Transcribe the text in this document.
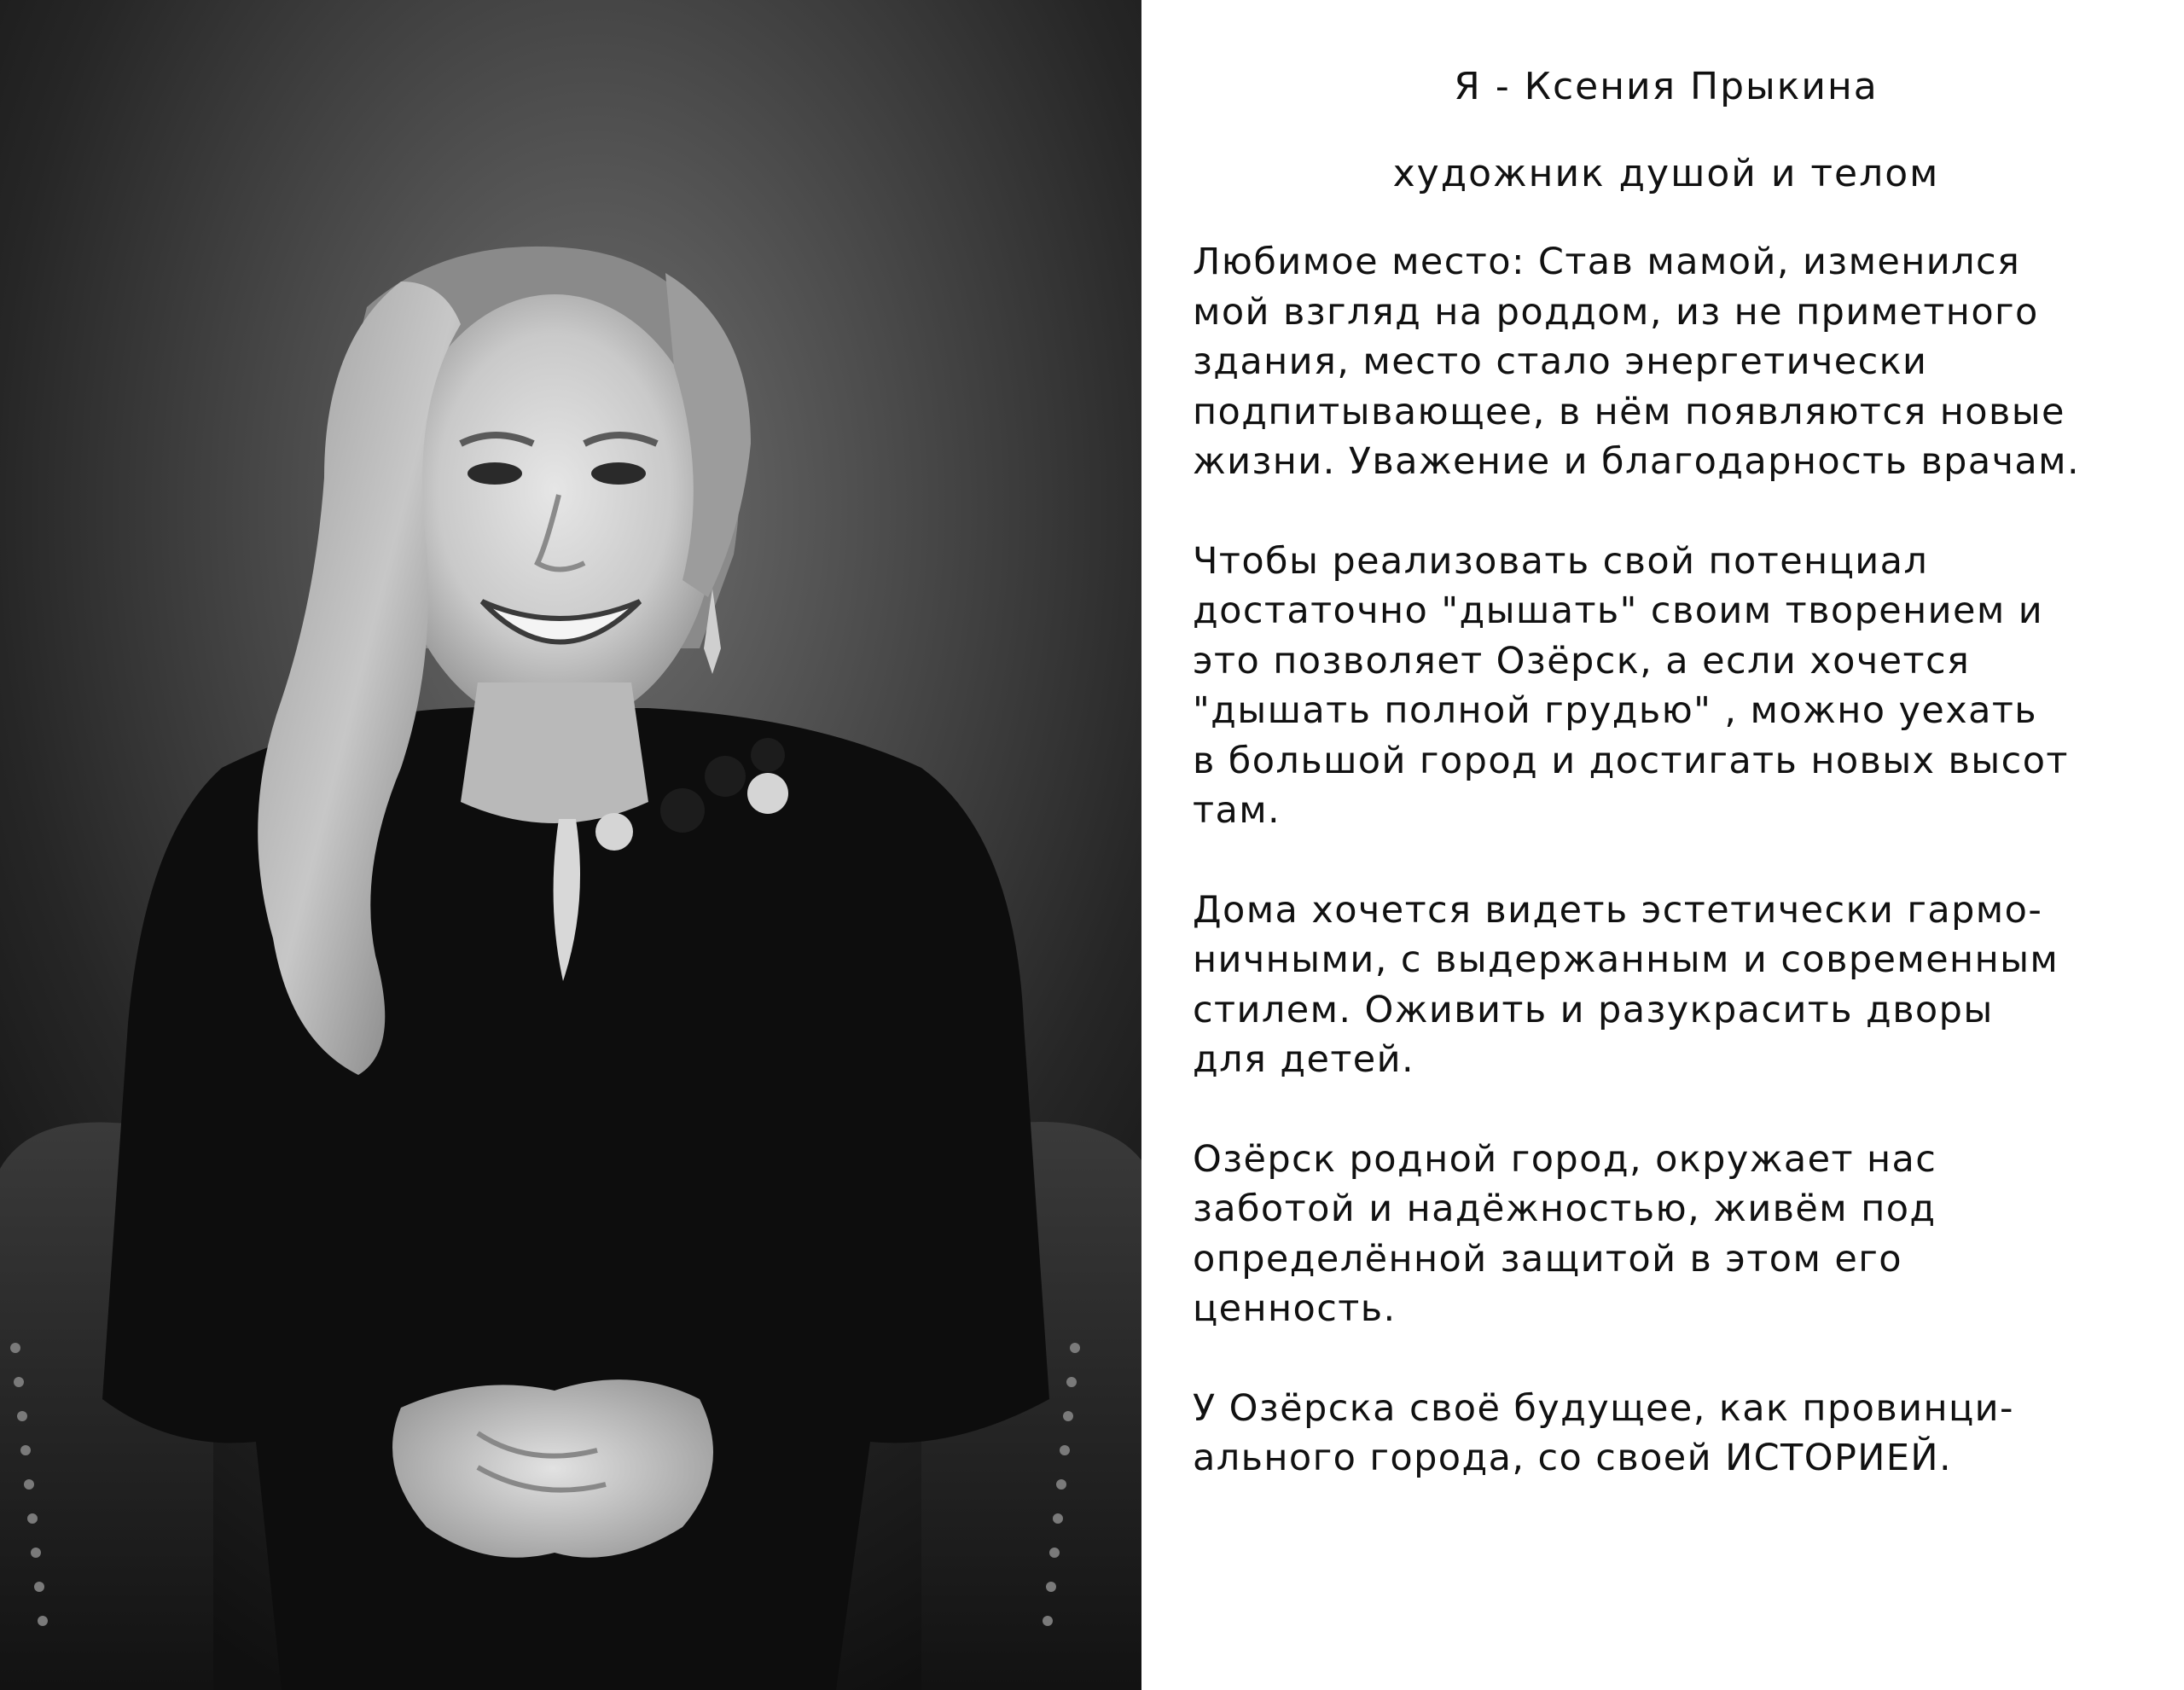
Я - Ксения Прыкина

художник душой и телом

Любимое место: Став мамой, изменился
мой взгляд на роддом, из не приметного
здания, место стало энергетически
подпитывающее, в нём появляются новые
жизни. Уважение и благодарность врачам.

Чтобы реализовать свой потенциал
достаточно "дышать" своим творением и
это позволяет Озёрск, а если хочется
"дышать полной грудью" , можно уехать
в большой город и достигать новых высот
там.

Дома хочется видеть эстетически гармо-
ничными, с выдержанным и современным
стилем. Оживить и разукрасить дворы
для детей.

Озёрск родной город, окружает нас
заботой и надёжностью, живём под
определённой защитой в этом его
ценность.

У Озёрска своё будущее, как провинци-
ального города, со своей ИСТОРИЕЙ.
